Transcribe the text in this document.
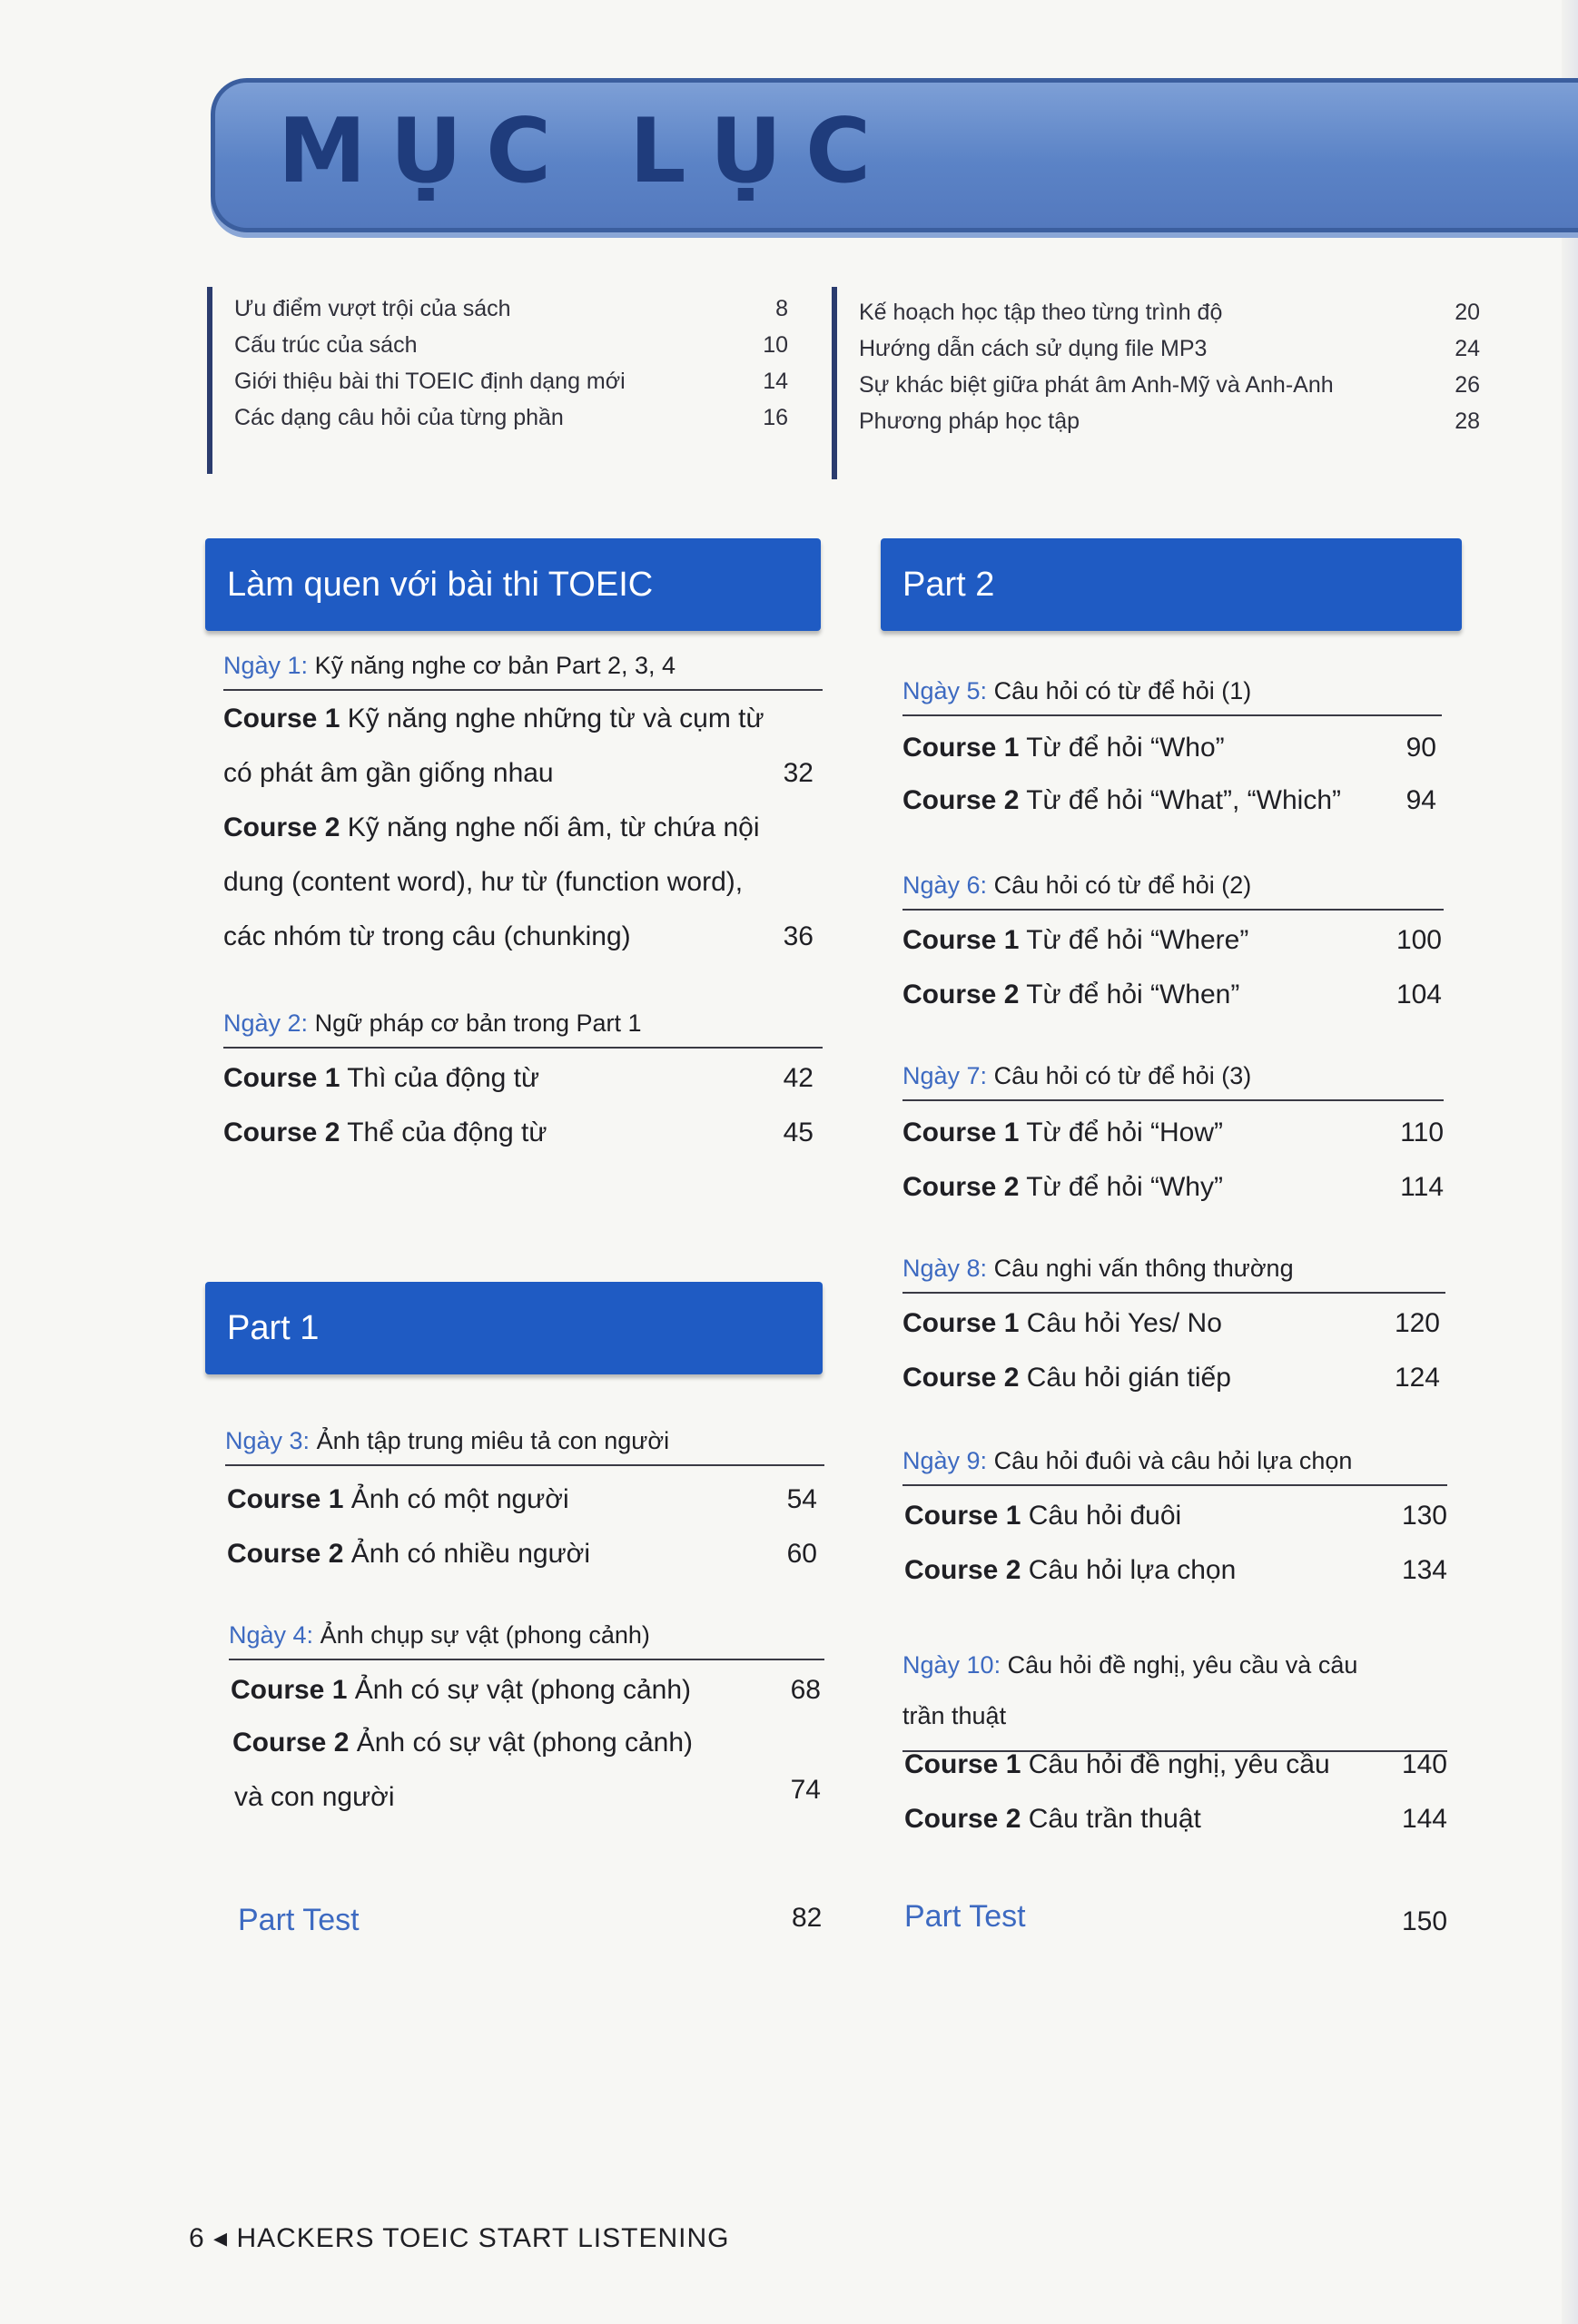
MỤC LỤC
Ưu điểm vượt trội của sách	8
Cấu trúc của sách	10
Giới thiệu bài thi TOEIC định dạng mới	14
Các dạng câu hỏi của từng phần	16
Kế hoạch học tập theo từng trình độ	20
Hướng dẫn cách sử dụng file MP3	24
Sự khác biệt giữa phát âm Anh-Mỹ và Anh-Anh	26
Phương pháp học tập	28
Làm quen với bài thi TOEIC
Ngày 1: Kỹ năng nghe cơ bản Part 2, 3, 4
Course 1 Kỹ năng nghe những từ và cụm từ
có phát âm gần giống nhau	32
Course 2 Kỹ năng nghe nối âm, từ chứa nội
dung (content word), hư từ (function word),
các nhóm từ trong câu (chunking)	36
Ngày 2: Ngữ pháp cơ bản trong Part 1
Course 1 Thì của động từ	42
Course 2 Thể của động từ	45
Part 1
Ngày 3: Ảnh tập trung miêu tả con người
Course 1 Ảnh có một người	54
Course 2 Ảnh có nhiều người	60
Ngày 4: Ảnh chụp sự vật (phong cảnh)
Course 1 Ảnh có sự vật (phong cảnh)	68
Course 2 Ảnh có sự vật (phong cảnh)
và con người	74
Part Test	82
Part 2
Ngày 5: Câu hỏi có từ để hỏi (1)
Course 1 Từ để hỏi “Who”	90
Course 2 Từ để hỏi “What”, “Which” 94
Ngày 6: Câu hỏi có từ để hỏi (2)
Course 1 Từ để hỏi “Where”	100
Course 2 Từ để hỏi “When”	104
Ngày 7: Câu hỏi có từ để hỏi (3)
Course 1 Từ để hỏi “How”	110
Course 2 Từ để hỏi “Why”	114
Ngày 8: Câu nghi vấn thông thường
Course 1 Câu hỏi Yes/ No	120
Course 2 Câu hỏi gián tiếp	124
Ngày 9: Câu hỏi đuôi và câu hỏi lựa chọn
Course 1 Câu hỏi đuôi	130
Course 2 Câu hỏi lựa chọn	134
Ngày 10: Câu hỏi đề nghị, yêu cầu và câu
trần thuật
Course 1 Câu hỏi đề nghị, yêu cầu	140
Course 2 Câu trần thuật	144
Part Test	150
6 ◂ HACKERS TOEIC START LISTENING
